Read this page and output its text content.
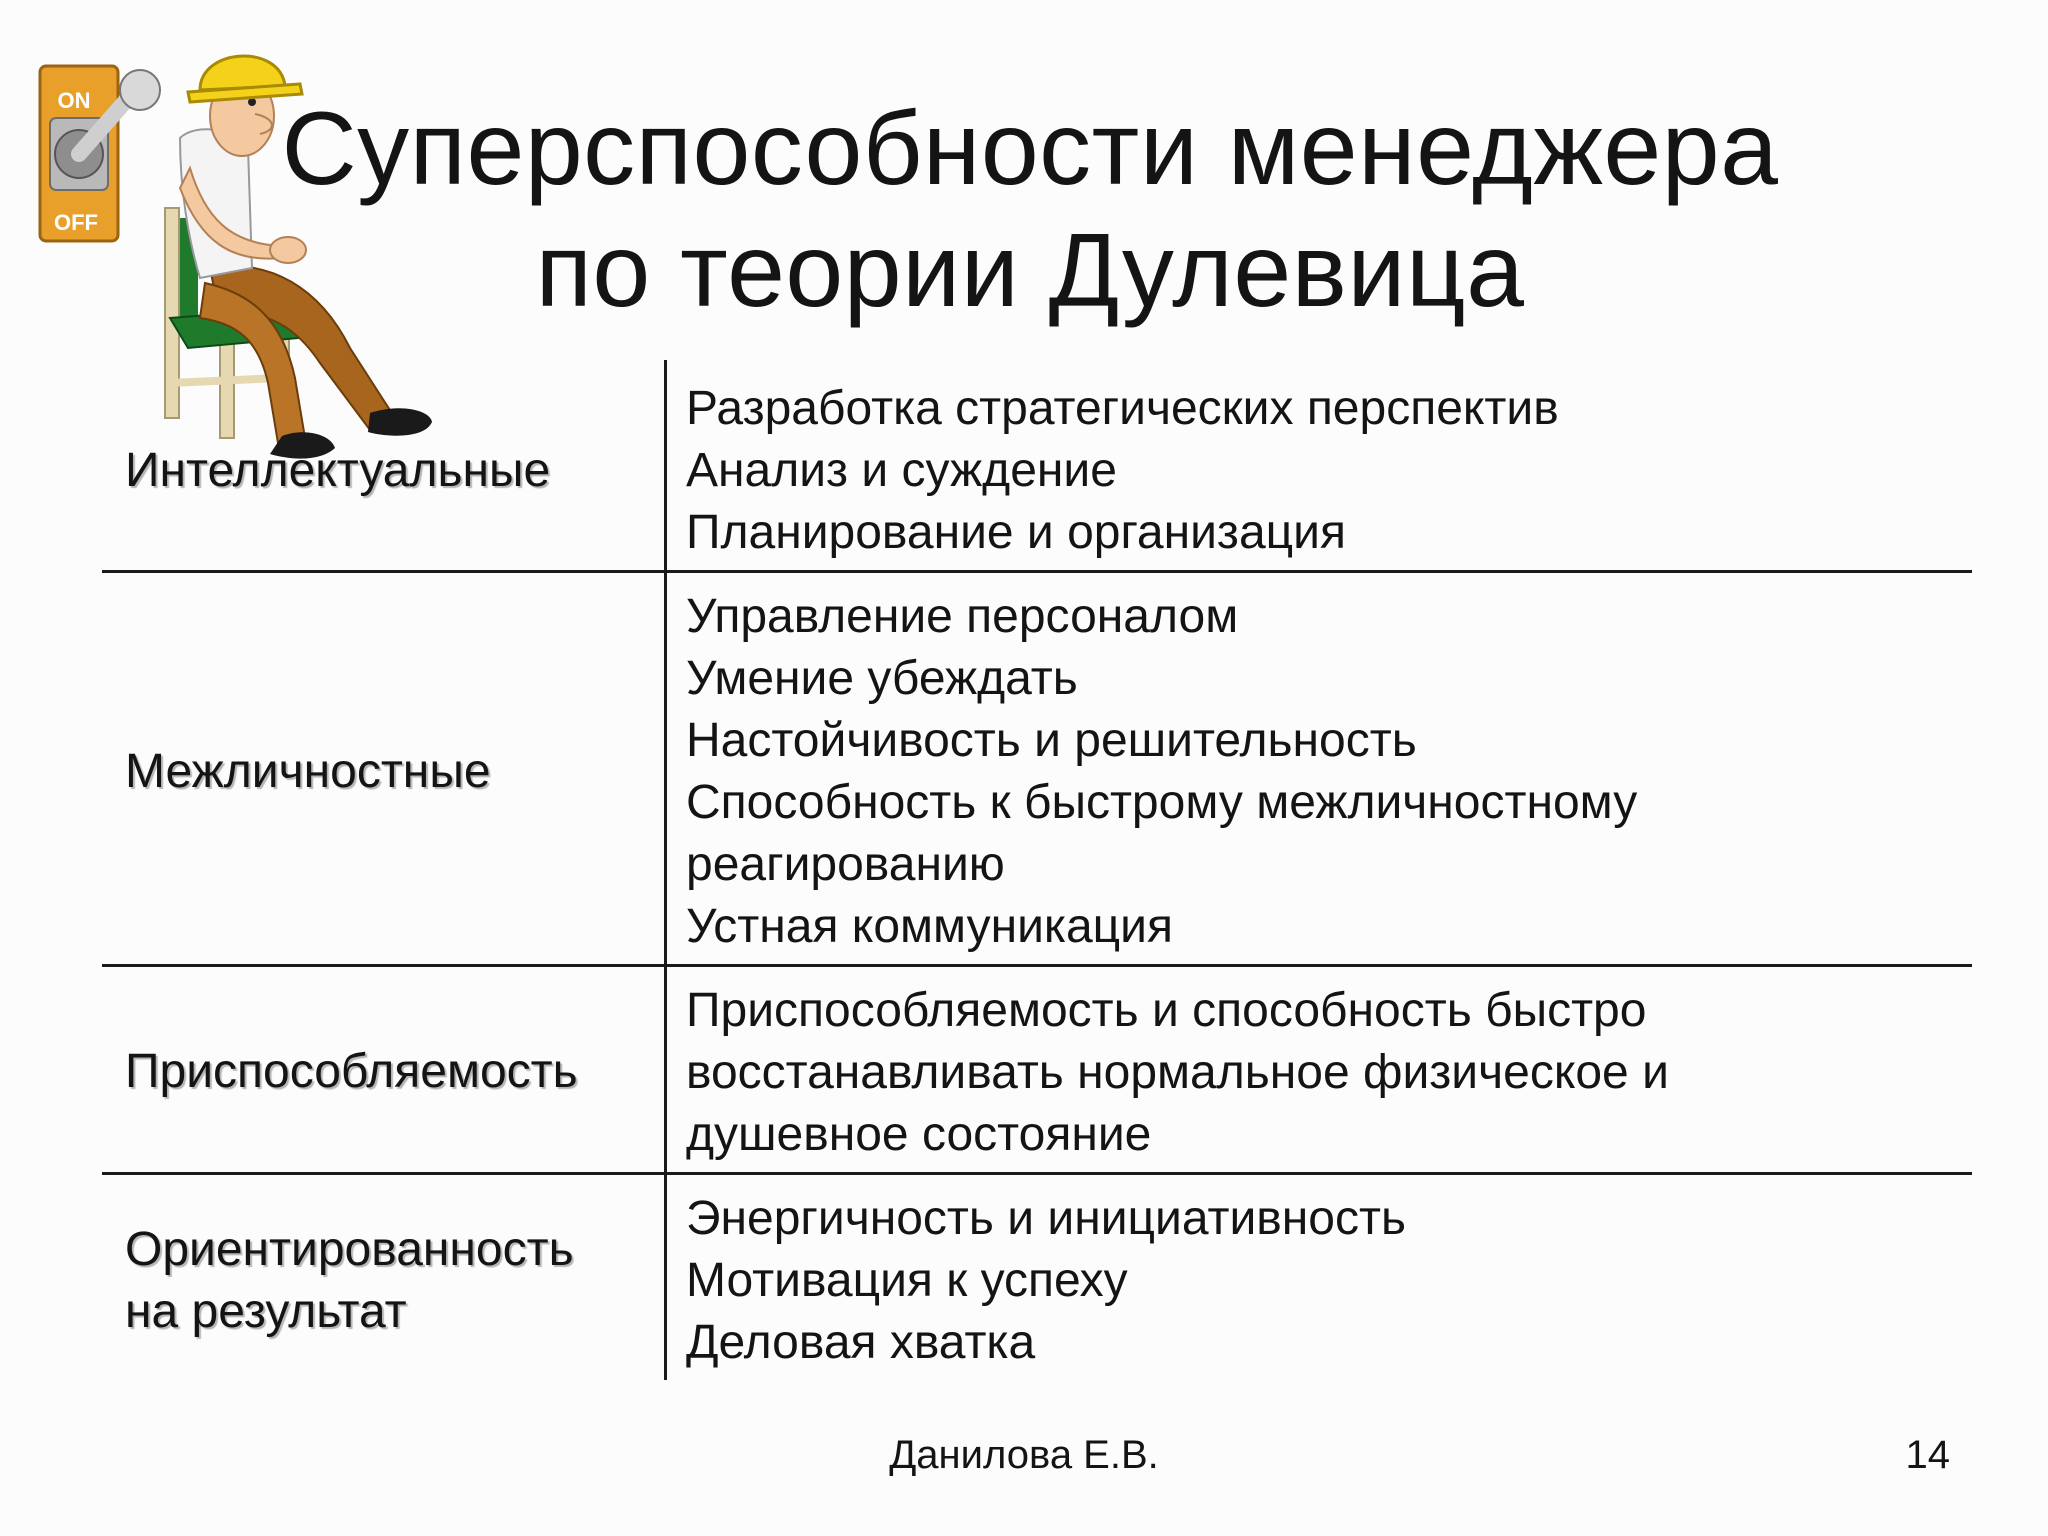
ON
OFF
Суперспособности менеджера
по теории Дулевица
Интеллектуальные
Разработка стратегических перспектив
Анализ и суждение
Планирование и организация
Межличностные
Управление персоналом
Умение убеждать
Настойчивость и решительность
Способность к быстрому межличностному
реагированию
Устная коммуникация
Приспособляемость
Приспособляемость и способность быстро
восстанавливать нормальное физическое и
душевное состояние
Ориентированность
на результат
Энергичность и инициативность
Мотивация к успеху
Деловая хватка
Данилова Е.В.	14
